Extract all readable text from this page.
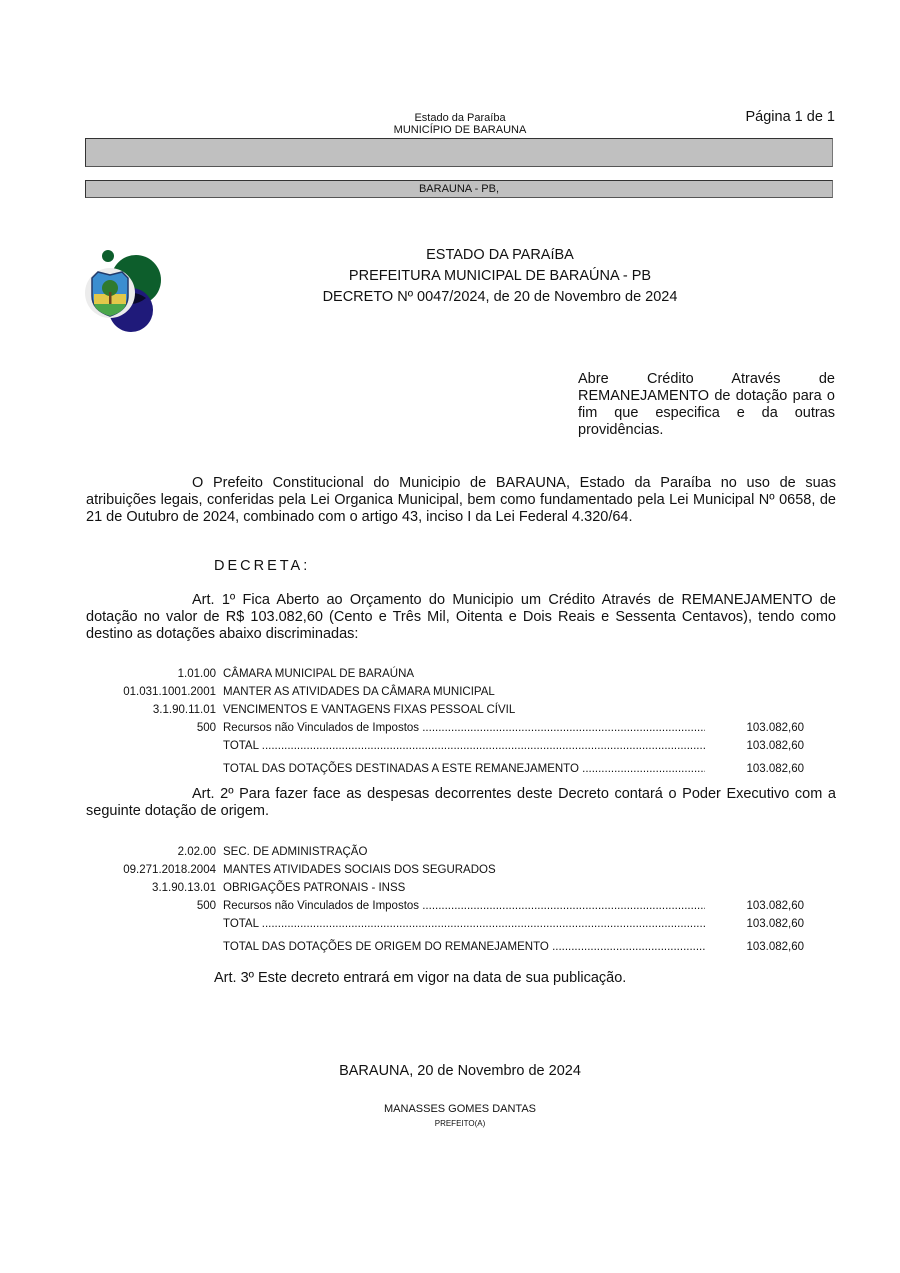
Estado da Paraíba
MUNICÍPIO DE BARAUNA
Página 1 de 1
BARAUNA - PB,
ESTADO DA PARAíBA
PREFEITURA MUNICIPAL DE BARAÚNA - PB
DECRETO Nº 0047/2024, de 20 de Novembro de 2024
Abre Crédito Através de
REMANEJAMENTO de dotação para o fim que especifica e da outras providências.
O Prefeito Constitucional do Municipio de BARAUNA, Estado da Paraíba no uso de suas atribuições legais, conferidas pela Lei Organica Municipal, bem como fundamentado pela Lei Municipal Nº 0658, de 21 de Outubro de 2024, combinado com o artigo 43, inciso I da Lei Federal 4.320/64.
DECRETA:
Art. 1º Fica Aberto ao Orçamento do Municipio um Crédito Através de REMANEJAMENTO de dotação no valor de R$ 103.082,60 (Cento e Três Mil, Oitenta e Dois Reais e Sessenta Centavos), tendo como destino as dotações abaixo discriminadas:
1.01.00 CÂMARA MUNICIPAL DE BARAÚNA
01.031.1001.2001 MANTER AS ATIVIDADES DA CÂMARA MUNICIPAL
3.1.90.11.01 VENCIMENTOS E VANTAGENS FIXAS PESSOAL CÍVIL
500 Recursos não Vinculados de Impostos .....	103.082,60
TOTAL .....	103.082,60
TOTAL DAS DOTAÇÕES DESTINADAS A ESTE REMANEJAMENTO .....	103.082,60
Art. 2º Para fazer face as despesas decorrentes deste Decreto contará o Poder Executivo com a seguinte dotação de origem.
2.02.00 SEC. DE ADMINISTRAÇÃO
09.271.2018.2004 MANTES ATIVIDADES SOCIAIS DOS SEGURADOS
3.1.90.13.01 OBRIGAÇÕES PATRONAIS - INSS
500 Recursos não Vinculados de Impostos .....	103.082,60
TOTAL .....	103.082,60
TOTAL DAS DOTAÇÕES DE ORIGEM DO REMANEJAMENTO .....	103.082,60
Art. 3º Este decreto entrará em vigor na data de sua publicação.
BARAUNA, 20 de Novembro de 2024
MANASSES GOMES DANTAS
PREFEITO(A)
